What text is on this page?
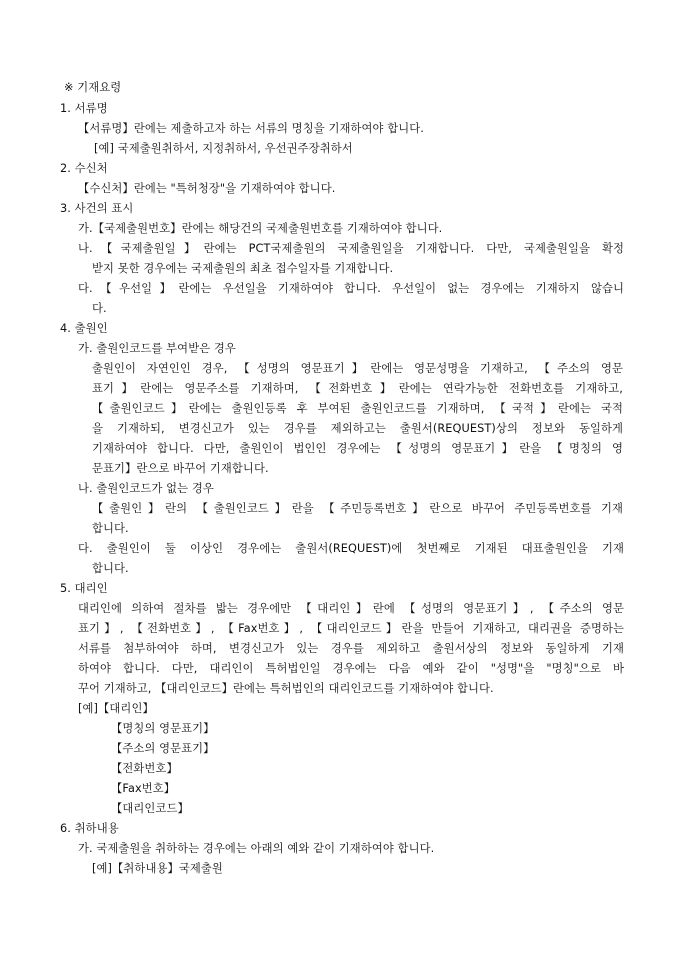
※ 기재요령
1. 서류명
【서류명】란에는 제출하고자 하는 서류의 명칭을 기재하여야 합니다.
[예] 국제출원취하서, 지정취하서, 우선권주장취하서
2. 수신처
【수신처】란에는 "특허청장"을 기재하여야 합니다.
3. 사건의 표시
가.【국제출원번호】란에는 해당건의 국제출원번호를 기재하여야 합니다.
나.【국제출원일】란에는 PCT국제출원의 국제출원일을 기재합니다. 다만, 국제출원일을 확정
받지 못한 경우에는 국제출원의 최초 접수일자를 기재합니다.
다.【우선일】란에는 우선일을 기재하여야 합니다. 우선일이 없는 경우에는 기재하지 않습니
다.
4. 출원인
가. 출원인코드를 부여받은 경우
출원인이 자연인인 경우, 【성명의 영문표기】란에는 영문성명을 기재하고, 【주소의 영문
표기】란에는 영문주소를 기재하며, 【전화번호】란에는 연락가능한 전화번호를 기재하고,
【출원인코드】란에는 출원인등록 후 부여된 출원인코드를 기재하며, 【국적】란에는 국적
을 기재하되, 변경신고가 있는 경우를 제외하고는 출원서(REQUEST)상의 정보와 동일하게
기재하여야 합니다. 다만, 출원인이 법인인 경우에는 【성명의 영문표기】란을 【명칭의 영
문표기】란으로 바꾸어 기재합니다.
나. 출원인코드가 없는 경우
【출원인】란의 【출원인코드】란을 【주민등록번호】란으로 바꾸어 주민등록번호를 기재
합니다.
다. 출원인이 둘 이상인 경우에는 출원서(REQUEST)에 첫번째로 기재된 대표출원인을 기재
합니다.
5. 대리인
대리인에 의하여 절차를 밟는 경우에만 【대리인】란에 【성명의 영문표기】, 【주소의 영문
표기】, 【전화번호】, 【Fax번호】, 【대리인코드】란을 만들어 기재하고, 대리권을 증명하는
서류를 첨부하여야 하며, 변경신고가 있는 경우를 제외하고 출원서상의 정보와 동일하게 기재
하여야 합니다. 다만, 대리인이 특허법인일 경우에는 다음 예와 같이 "성명"을 "명칭"으로 바
꾸어 기재하고, 【대리인코드】란에는 특허법인의 대리인코드를 기재하여야 합니다.
[예]【대리인】
【명칭의 영문표기】
【주소의 영문표기】
【전화번호】
【Fax번호】
【대리인코드】
6. 취하내용
가. 국제출원을 취하하는 경우에는 아래의 예와 같이 기재하여야 합니다.
[예]【취하내용】국제출원
